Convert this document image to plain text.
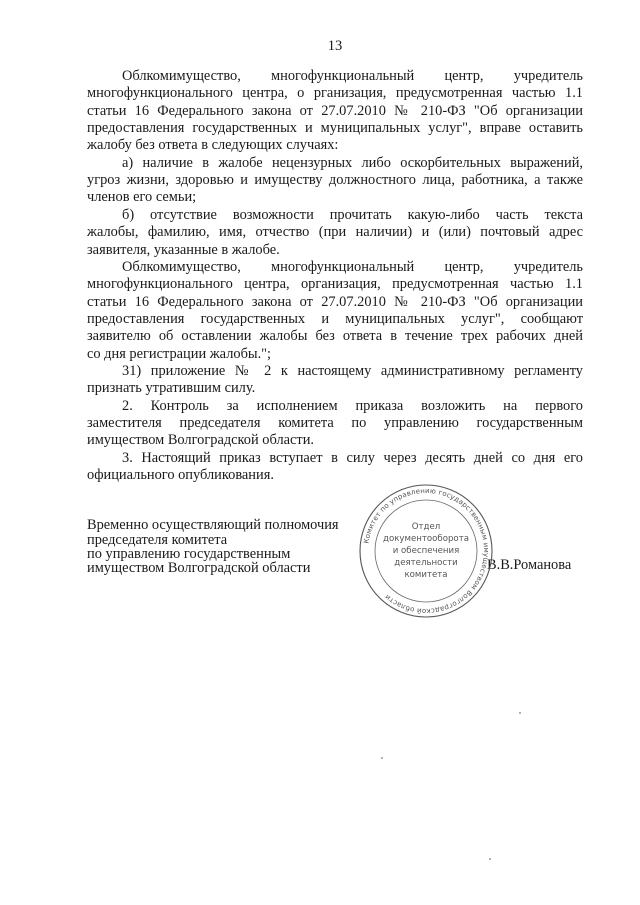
13
Облкомимущество, многофункциональный центр, учредитель
многофункционального центра, о рганизация, предусмотренная частью 1.1
статьи 16 Федерального закона от 27.07.2010 № 210-ФЗ "Об организации
предоставления государственных и муниципальных услуг", вправе оставить
жалобу без ответа в следующих случаях:
а) наличие в жалобе нецензурных либо оскорбительных выражений,
угроз жизни, здоровью и имуществу должностного лица, работника, а также
членов его семьи;
б) отсутствие возможности прочитать какую-либо часть текста
жалобы, фамилию, имя, отчество (при наличии) и (или) почтовый адрес
заявителя, указанные в жалобе.
Облкомимущество, многофункциональный центр, учредитель
многофункционального центра, организация, предусмотренная частью 1.1
статьи 16 Федерального закона от 27.07.2010 № 210-ФЗ "Об организации
предоставления государственных и муниципальных услуг", сообщают
заявителю об оставлении жалобы без ответа в течение трех рабочих дней
со дня регистрации жалобы.";
31) приложение № 2 к настоящему административному регламенту
признать утратившим силу.
2. Контроль за исполнением приказа возложить на первого
заместителя председателя комитета по управлению государственным
имуществом Волгоградской области.
3. Настоящий приказ вступает в силу через десять дней со дня его
официального опубликования.
Временно осуществляющий полномочия
председателя комитета
по управлению государственным
имуществом Волгоградской области	В.В.Романова
Комитет по управлению государственным имуществом Волгоградской области
Отдел
документооборота
и обеспечения
деятельности
комитета
